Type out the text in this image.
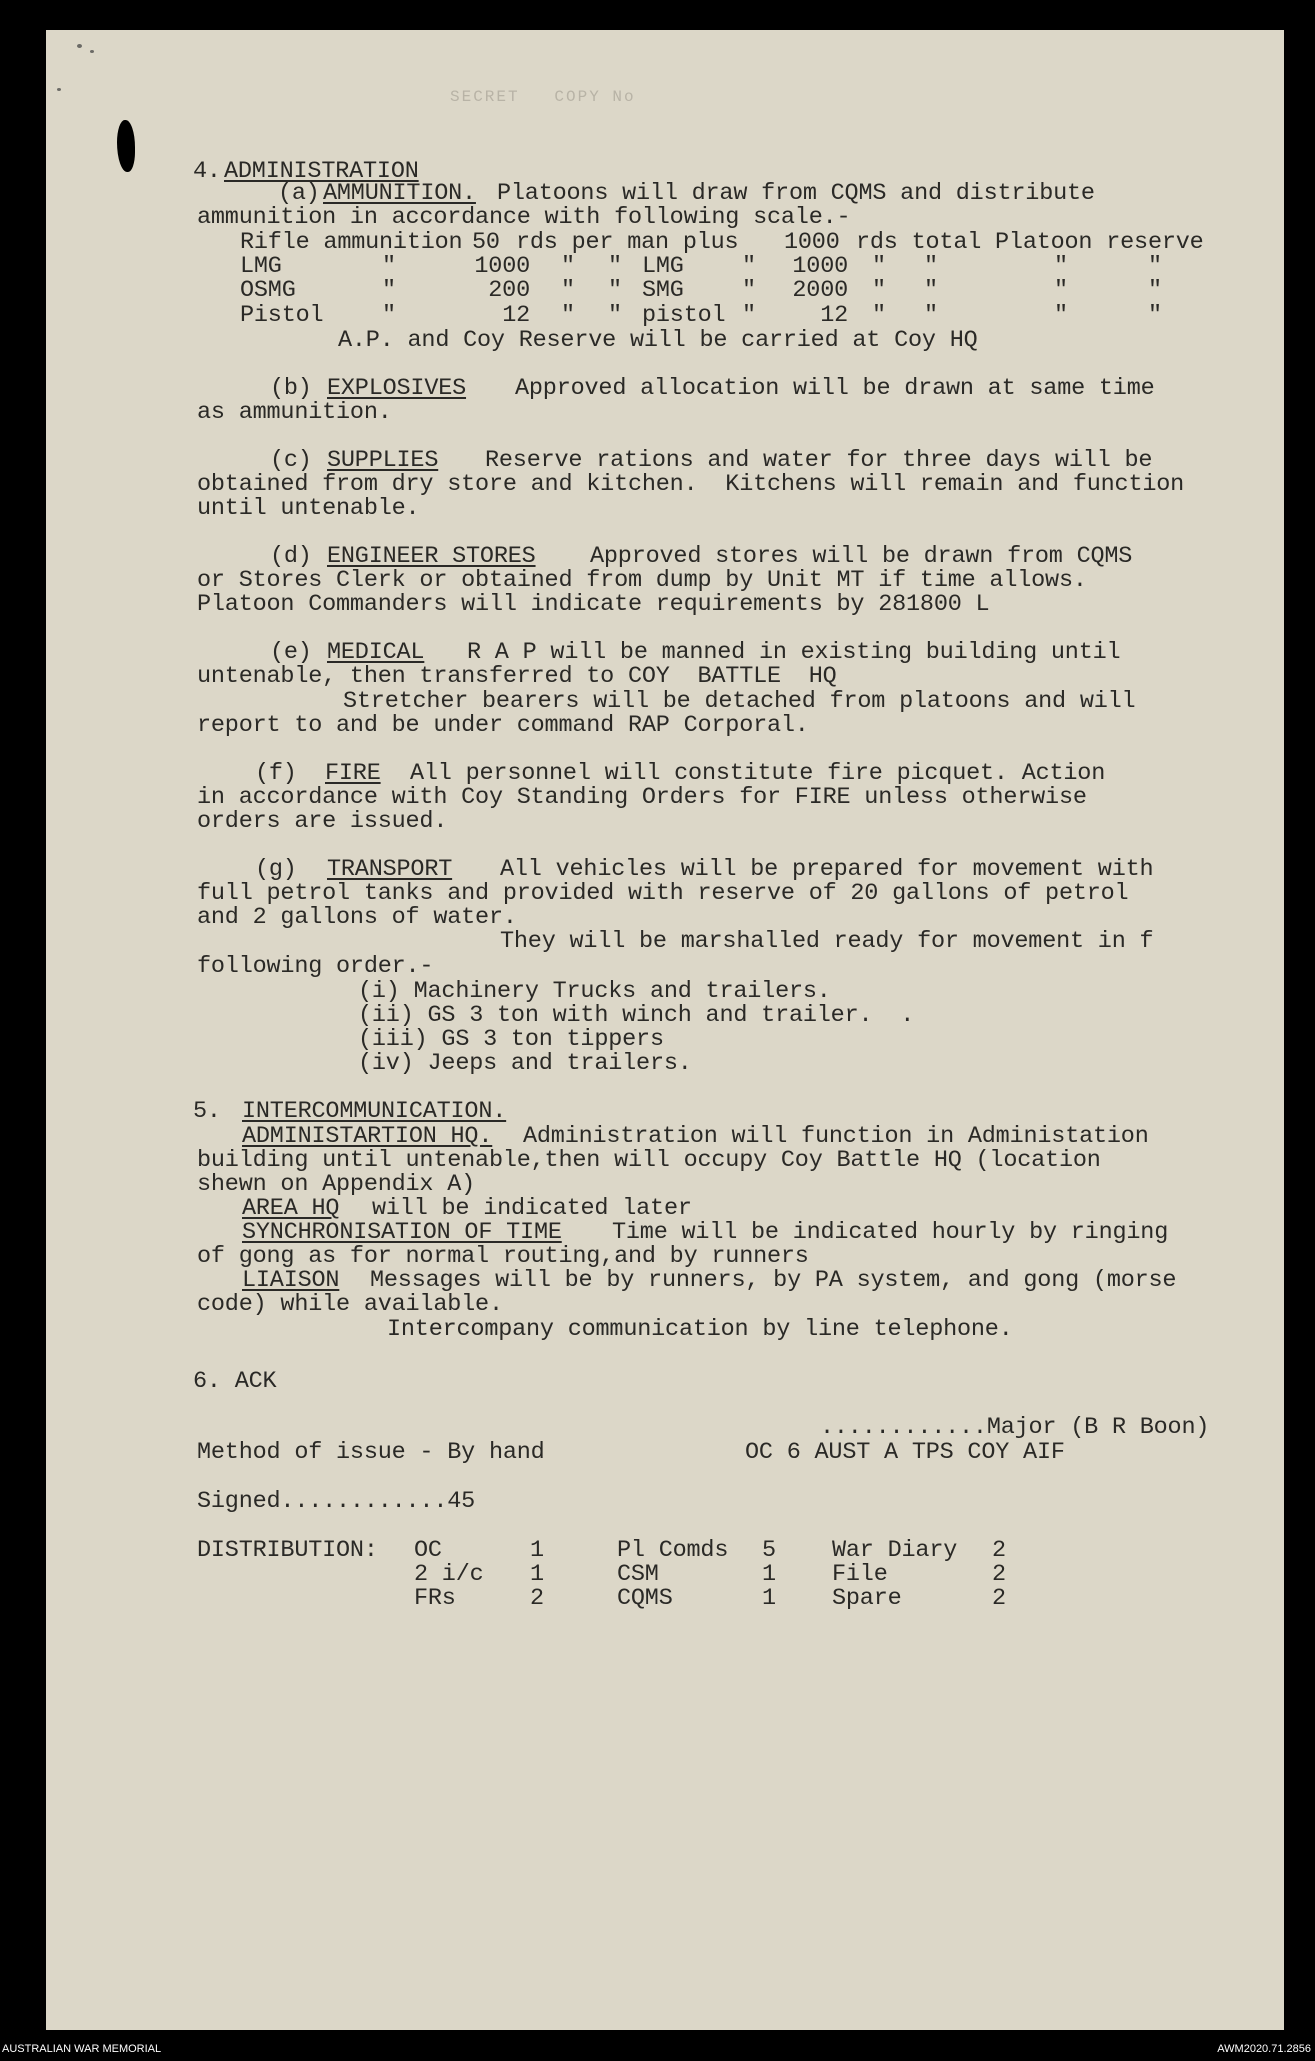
SECRET   COPY No
4. ADMINISTRATION
(a) AMMUNITION. Platoons will draw from CQMS and distribute
ammunition in accordance with following scale.-
Rifle ammunition 50 rds per man plus 1000 rds total Platoon reserve
LMG	"	1000 " " LMG "	1000 " "	"	"
OSMG	"	200 " " SMG "	2000 " "	"	"
Pistol "	12 " " pistol "	12 " "	"	"
A.P. and Coy Reserve will be carried at Coy HQ
(b) EXPLOSIVES Approved allocation will be drawn at same time
as ammunition.
(c) SUPPLIES Reserve rations and water for three days will be
obtained from dry store and kitchen.  Kitchens will remain and function
until untenable.
(d) ENGINEER STORES Approved stores will be drawn from CQMS
or Stores Clerk or obtained from dump by Unit MT if time allows.
Platoon Commanders will indicate requirements by 281800 L
(e) MEDICAL R A P will be manned in existing building until
untenable, then transferred to COY  BATTLE  HQ
Stretcher bearers will be detached from platoons and will
report to and be under command RAP Corporal.
(f) FIRE All personnel will constitute fire picquet. Action
in accordance with Coy Standing Orders for FIRE unless otherwise
orders are issued.
(g) TRANSPORT All vehicles will be prepared for movement with
full petrol tanks and provided with reserve of 20 gallons of petrol
and 2 gallons of water.
They will be marshalled ready for movement in f
following order.-
(i) Machinery Trucks and trailers.
(ii) GS 3 ton with winch and trailer.  .
(iii) GS 3 ton tippers
(iv) Jeeps and trailers.
5. INTERCOMMUNICATION.
ADMINISTARTION HQ. Administration will function in Administation
building until untenable,then will occupy Coy Battle HQ (location
shewn on Appendix A)
AREA HQ will be indicated later
SYNCHRONISATION OF TIME Time will be indicated hourly by ringing
of gong as for normal routing,and by runners
LIAISON Messages will be by runners, by PA system, and gong (morse
code) while available.
Intercompany communication by line telephone.
6. ACK
............Major (B R Boon)
Method of issue - By hand	OC 6 AUST A TPS COY AIF
Signed............45
DISTRIBUTION: OC	1	Pl Comds 5 War Diary 2
2 i/c 1	CSM	1 File	2
FRs	2	CQMS	1 Spare	2
AUSTRALIAN WAR MEMORIAL	AWM2020.71.2856
